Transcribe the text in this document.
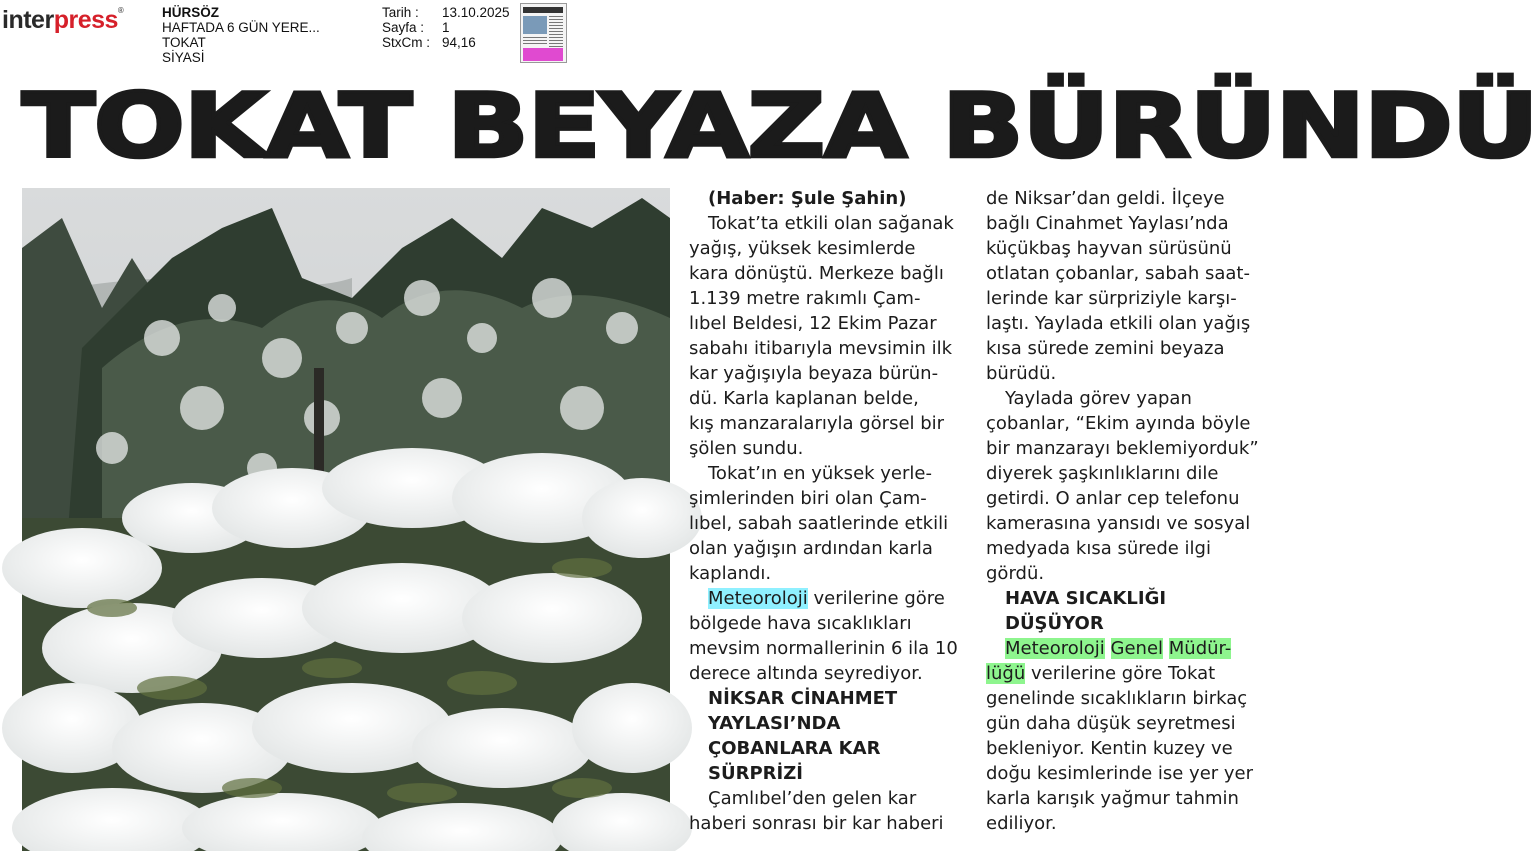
interpress®	HÜRSÖZ
HAFTADA 6 GÜN YERE...
TOKAT
SİYASİ
Tarih :	13.10.2025
Sayfa :	1
StxCm : 94,16
TOKAT BEYAZA BÜRÜNDÜ

(Haber: Şule Şahin)

Tokat’ta etkili olan sağanak
yağış, yüksek kesimlerde
kara dönüştü. Merkeze bağlı
1.139 metre rakımlı Çam-
lıbel Beldesi, 12 Ekim Pazar
sabahı itibarıyla mevsimin ilk
kar yağışıyla beyaza bürün-
dü. Karla kaplanan belde,
kış manzaralarıyla görsel bir
şölen sundu.

Tokat’ın en yüksek yerle-
şimlerinden biri olan Çam-
lıbel, sabah saatlerinde etkili
olan yağışın ardından karla
kaplandı.

Meteoroloji verilerine göre
bölgede hava sıcaklıkları
mevsim normallerinin 6 ila 10
derece altında seyrediyor.

NİKSAR CİNAHMET
YAYLASI’NDA
ÇOBANLARA KAR
SÜRPRİZİ

Çamlıbel’den gelen kar
haberi sonrası bir kar haberi

de Niksar’dan geldi. İlçeye
bağlı Cinahmet Yaylası’nda
küçükbaş hayvan sürüsünü
otlatan çobanlar, sabah saat-
lerinde kar sürpriziyle karşı-
laştı. Yaylada etkili olan yağış
kısa sürede zemini beyaza
bürüdü.

Yaylada görev yapan
çobanlar, “Ekim ayında böyle
bir manzarayı beklemiyorduk”
diyerek şaşkınlıklarını dile
getirdi. O anlar cep telefonu
kamerasına yansıdı ve sosyal
medyada kısa sürede ilgi
gördü.

HAVA SICAKLIĞI
DÜŞÜYOR

Meteoroloji Genel Müdür-
lüğü verilerine göre Tokat
genelinde sıcaklıkların birkaç
gün daha düşük seyretmesi
bekleniyor. Kentin kuzey ve
doğu kesimlerinde ise yer yer
karla karışık yağmur tahmin
ediliyor.
